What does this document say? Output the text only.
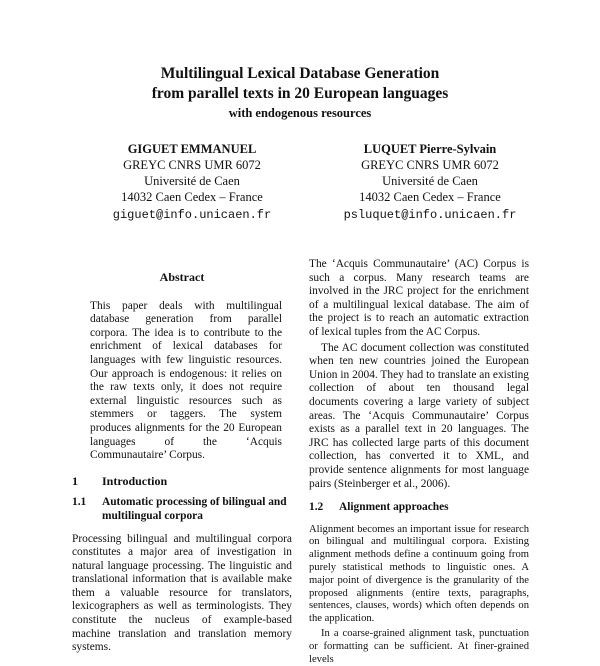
Multilingual Lexical Database Generation
from parallel texts in 20 European languages
with endogenous resources
GIGUET EMMANUEL
GREYC CNRS UMR 6072
Université de Caen
14032 Caen Cedex – France
giguet@info.unicaen.fr
LUQUET Pierre-Sylvain
GREYC CNRS UMR 6072
Université de Caen
14032 Caen Cedex – France
psluquet@info.unicaen.fr
Abstract
This paper deals with multilingual database generation from parallel corpora. The idea is to contribute to the enrichment of lexical databases for languages with few linguistic resources. Our approach is endogenous: it relies on the raw texts only, it does not require external linguistic resources such as stemmers or taggers. The system produces alignments for the 20 European languages of the ‘Acquis Communautaire’ Corpus.
1	Introduction
1.1	Automatic processing of bilingual and multilingual corpora
Processing bilingual and multilingual corpora constitutes a major area of investigation in natural language processing. The linguistic and translational information that is available make them a valuable resource for translators, lexicographers as well as terminologists. They constitute the nucleus of example-based machine translation and translation memory systems.
The ‘Acquis Communautaire’ (AC) Corpus is such a corpus. Many research teams are involved in the JRC project for the enrichment of a multilingual lexical database. The aim of the project is to reach an automatic extraction of lexical tuples from the AC Corpus.
The AC document collection was constituted when ten new countries joined the European Union in 2004. They had to translate an existing collection of about ten thousand legal documents covering a large variety of subject areas. The ‘Acquis Communautaire’ Corpus exists as a parallel text in 20 languages. The JRC has collected large parts of this document collection, has converted it to XML, and provide sentence alignments for most language pairs (Steinberger et al., 2006).
1.2	Alignment approaches
Alignment becomes an important issue for research on bilingual and multilingual corpora. Existing alignment methods define a continuum going from purely statistical methods to linguistic ones. A major point of divergence is the granularity of the proposed alignments (entire texts, paragraphs, sentences, clauses, words) which often depends on the application.
In a coarse-grained alignment task, punctuation or formatting can be sufficient. At finer-grained levels
